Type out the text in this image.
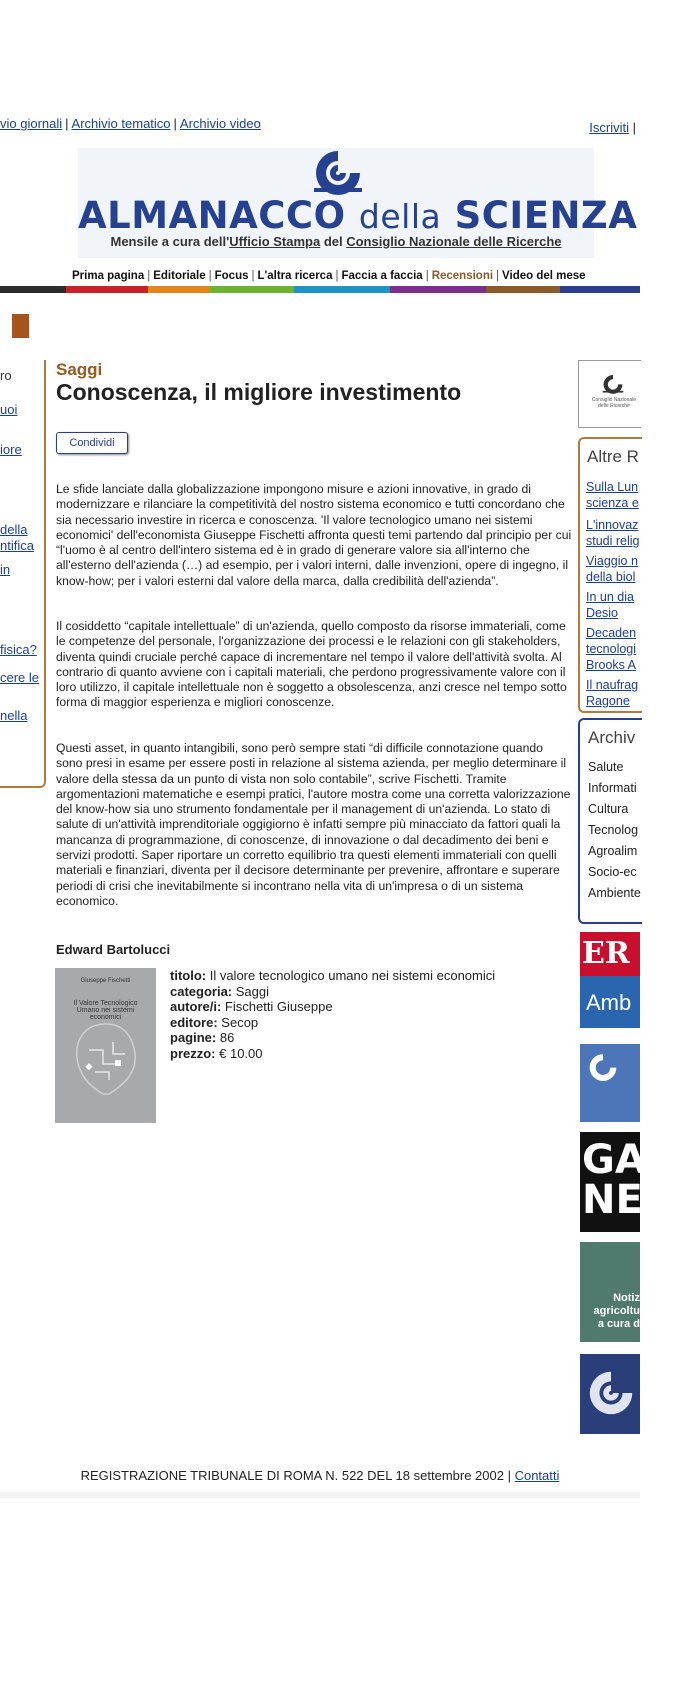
vio giornali | Archivio tematico | Archivio video	Iscriviti |
ALMANACCO della SCIENZA
Mensile a cura dell'Ufficio Stampa del Consiglio Nazionale delle Ricerche
Prima pagina | Editoriale | Focus | L'altra ricerca | Faccia a faccia | Recensioni | Video del mese
ro
uoi
iore
della
ntifica
in
fisica?
cere le
nella
Saggi
Conoscenza, il migliore investimento
Condividi

Le sfide lanciate dalla globalizzazione impongono misure e azioni innovative, in grado di modernizzare e rilanciare la competitività del nostro sistema economico e tutti concordano che sia necessario investire in ricerca e conoscenza. 'Il valore tecnologico umano nei sistemi economici' dell'economista Giuseppe Fischetti affronta questi temi partendo dal principio per cui “l'uomo è al centro dell'intero sistema ed è in grado di generare valore sia all'interno che all'esterno dell'azienda (…) ad esempio, per i valori interni, dalle invenzioni, opere di ingegno, il know-how; per i valori esterni dal valore della marca, dalla credibilità dell'azienda”.

Il cosiddetto “capitale intellettuale” di un'azienda, quello composto da risorse immateriali, come le competenze del personale, l'organizzazione dei processi e le relazioni con gli stakeholders, diventa quindi cruciale perché capace di incrementare nel tempo il valore dell'attività svolta. Al contrario di quanto avviene con i capitali materiali, che perdono progressivamente valore con il loro utilizzo, il capitale intellettuale non è soggetto a obsolescenza, anzi cresce nel tempo sotto forma di maggior esperienza e migliori conoscenze.

Questi asset, in quanto intangibili, sono però sempre stati “di difficile connotazione quando sono presi in esame per essere posti in relazione al sistema azienda, per meglio determinare il valore della stessa da un punto di vista non solo contabile”, scrive Fischetti. Tramite argomentazioni matematiche e esempi pratici, l'autore mostra come una corretta valorizzazione del know-how sia uno strumento fondamentale per il management di un'azienda. Lo stato di salute di un'attività imprenditoriale oggigiorno è infatti sempre più minacciato da fattori quali la mancanza di programmazione, di conoscenze, di innovazione o dal decadimento dei beni e servizi prodotti. Saper riportare un corretto equilibrio tra questi elementi immateriali con quelli materiali e finanziari, diventa per il decisore determinante per prevenire, affrontare e superare periodi di crisi che inevitabilmente si incontrano nella vita di un'impresa o di un sistema economico.

Edward Bartolucci
Giuseppe Fischetti
Il Valore Tecnologico Umano nei sistemi economici
titolo: Il valore tecnologico umano nei sistemi economici
categoria: Saggi
autore/i: Fischetti Giuseppe
editore: Secop
pagine: 86
prezzo: € 10.00
Consiglio Nazionale delle Ricerche
Altre R
Sulla Lun
scienza e
L'innovaz
studi relig
Viaggio n
della biol
In un dia
Desio
Decaden
tecnologi
Brooks A
Il naufrag
Ragone
Archiv
Salute
Informati
Cultura
Tecnolog
Agroalim
Socio-ec
Ambiente
ER
Amb
GAI
NEV
Notiz
agricoltu
a cura d
REGISTRAZIONE TRIBUNALE DI ROMA N. 522 DEL 18 settembre 2002 | Contatti
